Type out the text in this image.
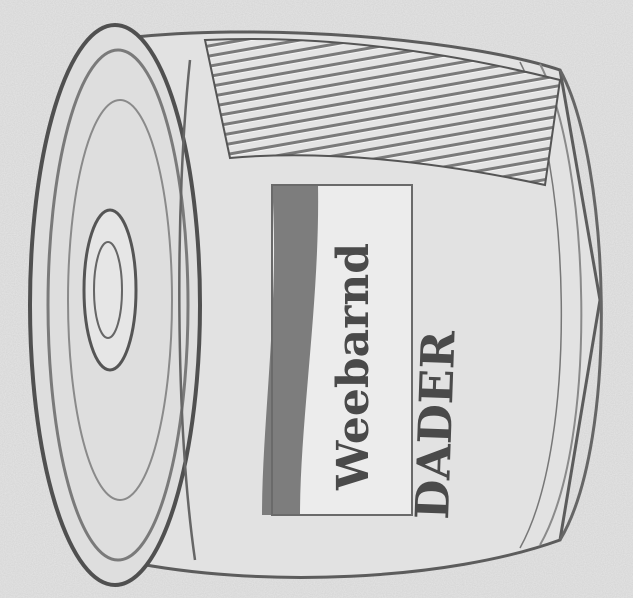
Weebarnd DADER
